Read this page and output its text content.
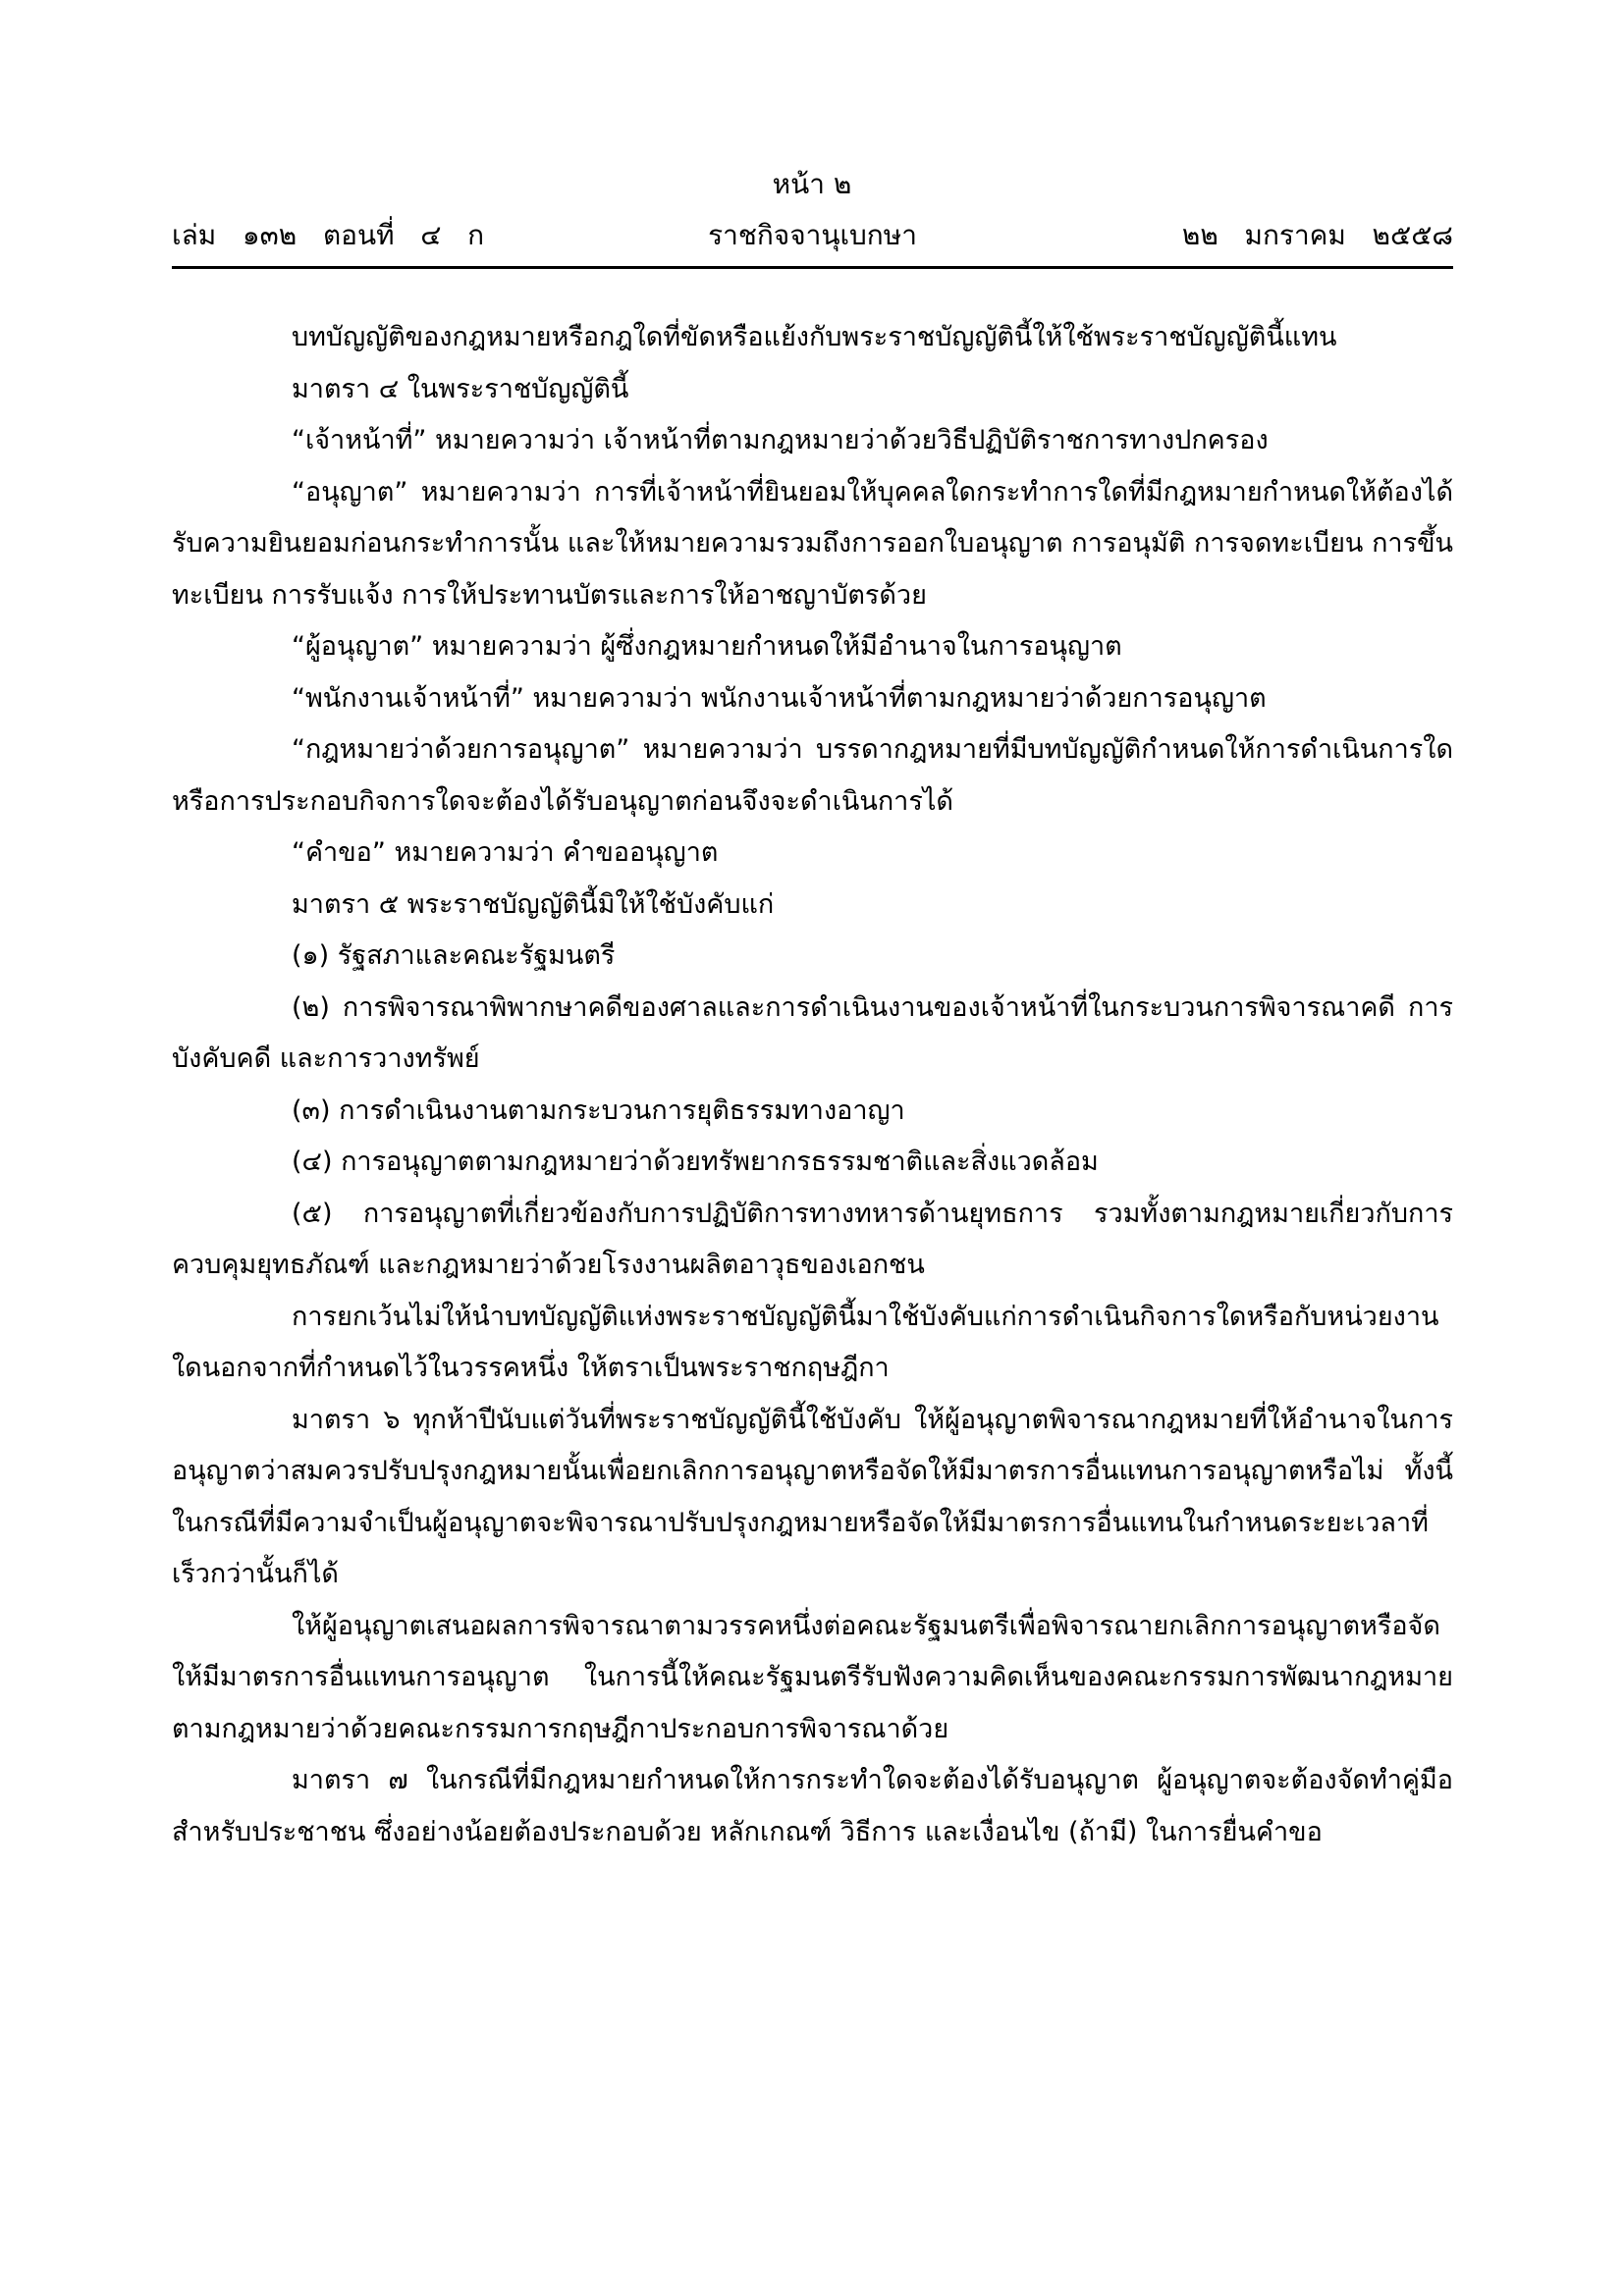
หน้า ๒
เล่ม   ๑๓๒   ตอนที่   ๔   ก	ราชกิจจานุเบกษา	๒๒   มกราคม   ๒๕๕๘

บทบัญญัติของกฎหมายหรือกฎใดที่ขัดหรือแย้งกับพระราชบัญญัตินี้ให้ใช้พระราชบัญญัตินี้แทน

มาตรา ๔ ในพระราชบัญญัตินี้

“เจ้าหน้าที่” หมายความว่า เจ้าหน้าที่ตามกฎหมายว่าด้วยวิธีปฏิบัติราชการทางปกครอง

“อนุญาต” หมายความว่า การที่เจ้าหน้าที่ยินยอมให้บุคคลใดกระทำการใดที่มีกฎหมายกำหนดให้ต้องได้รับความยินยอมก่อนกระทำการนั้น และให้หมายความรวมถึงการออกใบอนุญาต การอนุมัติ การจดทะเบียน การขึ้นทะเบียน การรับแจ้ง การให้ประทานบัตรและการให้อาชญาบัตรด้วย

“ผู้อนุญาต” หมายความว่า ผู้ซึ่งกฎหมายกำหนดให้มีอำนาจในการอนุญาต

“พนักงานเจ้าหน้าที่” หมายความว่า พนักงานเจ้าหน้าที่ตามกฎหมายว่าด้วยการอนุญาต

“กฎหมายว่าด้วยการอนุญาต” หมายความว่า บรรดากฎหมายที่มีบทบัญญัติกำหนดให้การดำเนินการใดหรือการประกอบกิจการใดจะต้องได้รับอนุญาตก่อนจึงจะดำเนินการได้

“คำขอ” หมายความว่า คำขออนุญาต

มาตรา ๕ พระราชบัญญัตินี้มิให้ใช้บังคับแก่

(๑) รัฐสภาและคณะรัฐมนตรี

(๒) การพิจารณาพิพากษาคดีของศาลและการดำเนินงานของเจ้าหน้าที่ในกระบวนการพิจารณาคดี การบังคับคดี และการวางทรัพย์

(๓) การดำเนินงานตามกระบวนการยุติธรรมทางอาญา

(๔) การอนุญาตตามกฎหมายว่าด้วยทรัพยากรธรรมชาติและสิ่งแวดล้อม

(๕) การอนุญาตที่เกี่ยวข้องกับการปฏิบัติการทางทหารด้านยุทธการ รวมทั้งตามกฎหมายเกี่ยวกับการควบคุมยุทธภัณฑ์ และกฎหมายว่าด้วยโรงงานผลิตอาวุธของเอกชน

การยกเว้นไม่ให้นำบทบัญญัติแห่งพระราชบัญญัตินี้มาใช้บังคับแก่การดำเนินกิจการใดหรือกับหน่วยงานใดนอกจากที่กำหนดไว้ในวรรคหนึ่ง ให้ตราเป็นพระราชกฤษฎีกา

มาตรา ๖ ทุกห้าปีนับแต่วันที่พระราชบัญญัตินี้ใช้บังคับ ให้ผู้อนุญาตพิจารณากฎหมายที่ให้อำนาจในการอนุญาตว่าสมควรปรับปรุงกฎหมายนั้นเพื่อยกเลิกการอนุญาตหรือจัดให้มีมาตรการอื่นแทนการอนุญาตหรือไม่ ทั้งนี้ ในกรณีที่มีความจำเป็นผู้อนุญาตจะพิจารณาปรับปรุงกฎหมายหรือจัดให้มีมาตรการอื่นแทนในกำหนดระยะเวลาที่เร็วกว่านั้นก็ได้

ให้ผู้อนุญาตเสนอผลการพิจารณาตามวรรคหนึ่งต่อคณะรัฐมนตรีเพื่อพิจารณายกเลิกการอนุญาตหรือจัดให้มีมาตรการอื่นแทนการอนุญาต ในการนี้ให้คณะรัฐมนตรีรับฟังความคิดเห็นของคณะกรรมการพัฒนากฎหมายตามกฎหมายว่าด้วยคณะกรรมการกฤษฎีกาประกอบการพิจารณาด้วย

มาตรา ๗ ในกรณีที่มีกฎหมายกำหนดให้การกระทำใดจะต้องได้รับอนุญาต ผู้อนุญาตจะต้องจัดทำคู่มือสำหรับประชาชน ซึ่งอย่างน้อยต้องประกอบด้วย หลักเกณฑ์ วิธีการ และเงื่อนไข (ถ้ามี) ในการยื่นคำขอ
